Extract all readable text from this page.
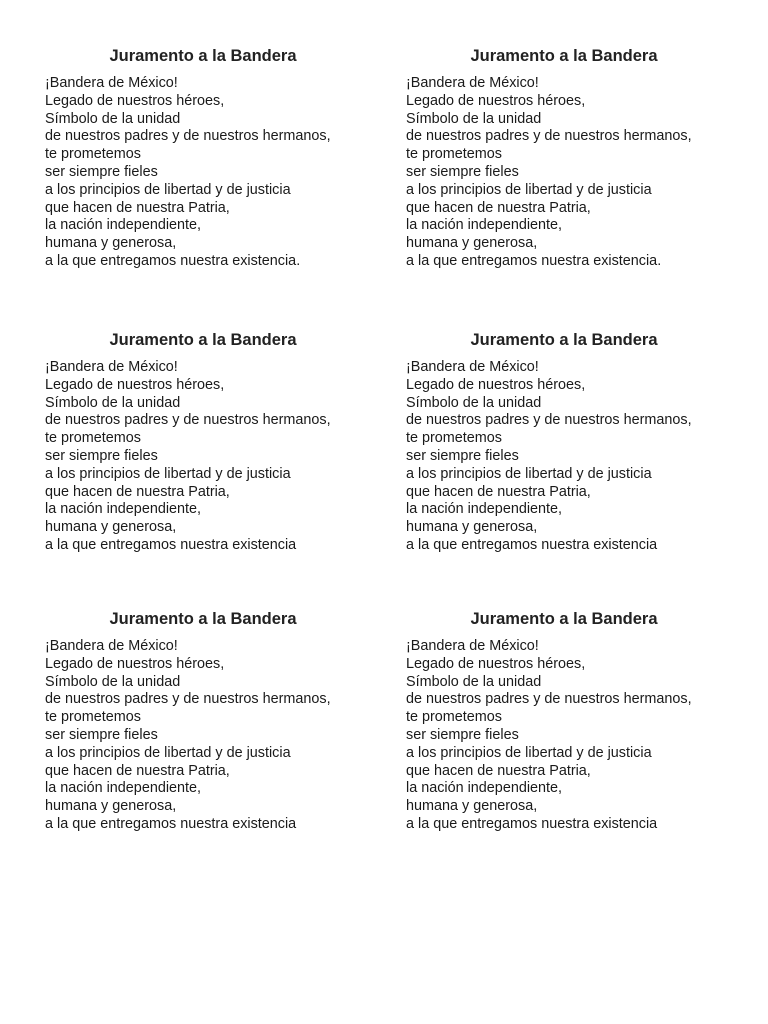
Juramento a la Bandera
¡Bandera de México!
Legado de nuestros héroes,
Símbolo de la unidad
de nuestros padres y de nuestros hermanos,
te prometemos
ser siempre fieles
a los principios de libertad y de justicia
que hacen de nuestra Patria,
la nación independiente,
humana y generosa,
a la que entregamos nuestra existencia.
Juramento a la Bandera
¡Bandera de México!
Legado de nuestros héroes,
Símbolo de la unidad
de nuestros padres y de nuestros hermanos,
te prometemos
ser siempre fieles
a los principios de libertad y de justicia
que hacen de nuestra Patria,
la nación independiente,
humana y generosa,
a la que entregamos nuestra existencia.
Juramento a la Bandera
¡Bandera de México!
Legado de nuestros héroes,
Símbolo de la unidad
de nuestros padres y de nuestros hermanos,
te prometemos
ser siempre fieles
a los principios de libertad y de justicia
que hacen de nuestra Patria,
la nación independiente,
humana y generosa,
a la que entregamos nuestra existencia
Juramento a la Bandera
¡Bandera de México!
Legado de nuestros héroes,
Símbolo de la unidad
de nuestros padres y de nuestros hermanos,
te prometemos
ser siempre fieles
a los principios de libertad y de justicia
que hacen de nuestra Patria,
la nación independiente,
humana y generosa,
a la que entregamos nuestra existencia
Juramento a la Bandera
¡Bandera de México!
Legado de nuestros héroes,
Símbolo de la unidad
de nuestros padres y de nuestros hermanos,
te prometemos
ser siempre fieles
a los principios de libertad y de justicia
que hacen de nuestra Patria,
la nación independiente,
humana y generosa,
a la que entregamos nuestra existencia
Juramento a la Bandera
¡Bandera de México!
Legado de nuestros héroes,
Símbolo de la unidad
de nuestros padres y de nuestros hermanos,
te prometemos
ser siempre fieles
a los principios de libertad y de justicia
que hacen de nuestra Patria,
la nación independiente,
humana y generosa,
a la que entregamos nuestra existencia
